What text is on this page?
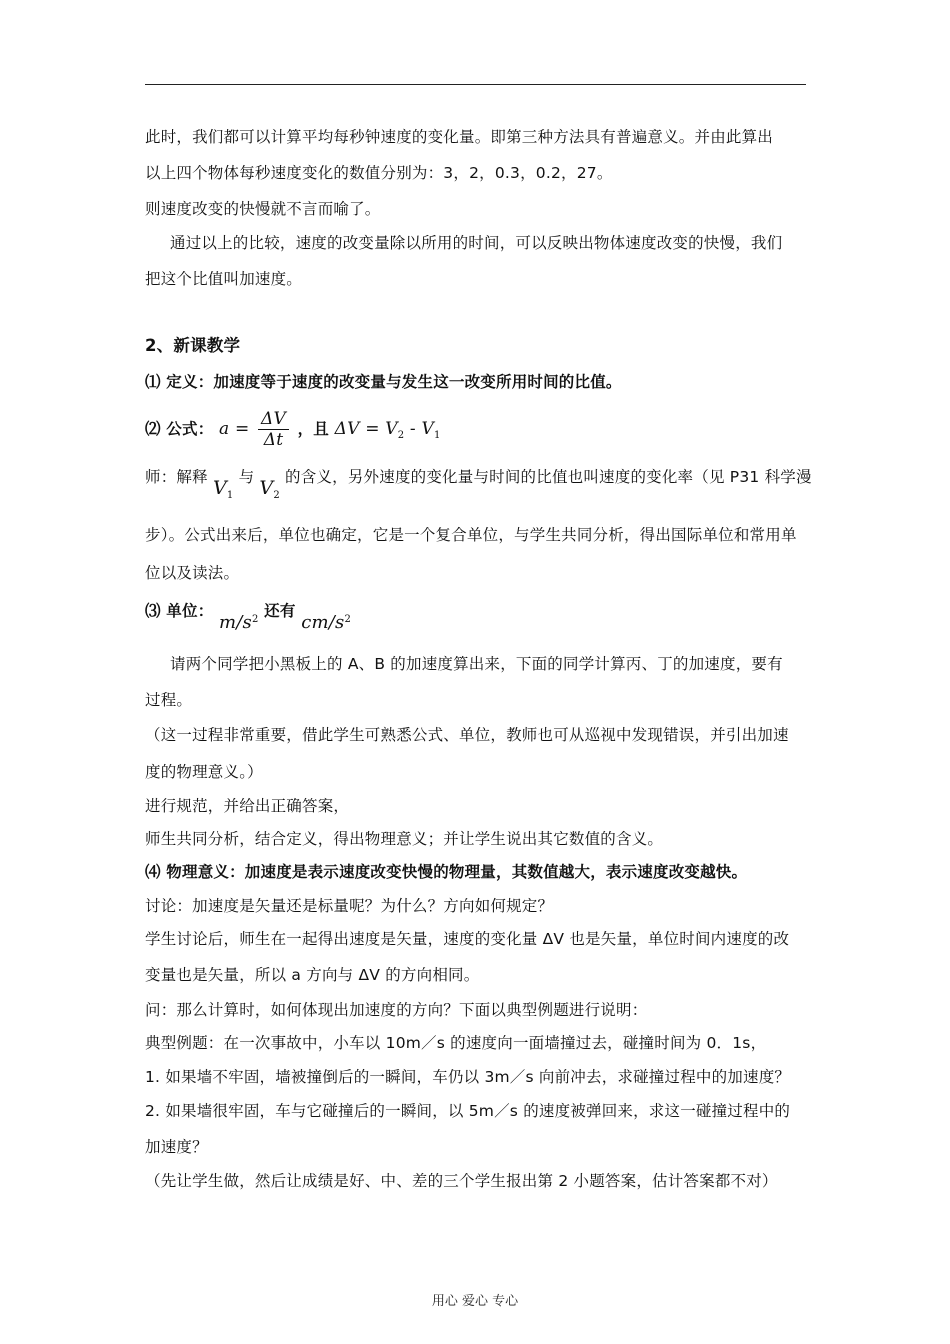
此时，我们都可以计算平均每秒钟速度的变化量。即第三种方法具有普遍意义。并由此算出
以上四个物体每秒速度变化的数值分别为：3，2，0.3，0.2，27。
则速度改变的快慢就不言而喻了。
通过以上的比较，速度的改变量除以所用的时间，可以反映出物体速度改变的快慢，我们
把这个比值叫加速度。
2、新课教学
⑴ 定义：加速度等于速度的改变量与发生这一改变所用时间的比值。
⑵ 公式： $a = \frac{\Delta V}{\Delta t}$ ，且 $\Delta V = V_2 - V_1$
师：解释 $V_1$ 与 $V_2$ 的含义，另外速度的变化量与时间的比值也叫速度的变化率（见 P31 科学漫
步）。公式出来后，单位也确定，它是一个复合单位，与学生共同分析，得出国际单位和常用单
位以及读法。
⑶ 单位： $m/s^2$ 还有 $cm/s^2$
请两个同学把小黑板上的 A、B 的加速度算出来，下面的同学计算丙、丁的加速度，要有
过程。
（这一过程非常重要，借此学生可熟悉公式、单位，教师也可从巡视中发现错误，并引出加速
度的物理意义。）
进行规范，并给出正确答案，
师生共同分析，结合定义，得出物理意义；并让学生说出其它数值的含义。
⑷ 物理意义：加速度是表示速度改变快慢的物理量，其数值越大，表示速度改变越快。
讨论：加速度是矢量还是标量呢？为什么？方向如何规定？
学生讨论后，师生在一起得出速度是矢量，速度的变化量 ΔV 也是矢量，单位时间内速度的改
变量也是矢量，所以 a 方向与 ΔV 的方向相同。
问：那么计算时，如何体现出加速度的方向？下面以典型例题进行说明：
典型例题：在一次事故中，小车以 10m／s 的速度向一面墙撞过去，碰撞时间为 0．1s，
1. 如果墙不牢固，墙被撞倒后的一瞬间，车仍以 3m／s 向前冲去，求碰撞过程中的加速度？
2. 如果墙很牢固，车与它碰撞后的一瞬间，以 5m／s 的速度被弹回来，求这一碰撞过程中的
加速度？
（先让学生做，然后让成绩是好、中、差的三个学生报出第 2 小题答案，估计答案都不对）
用心 爱心 专心
